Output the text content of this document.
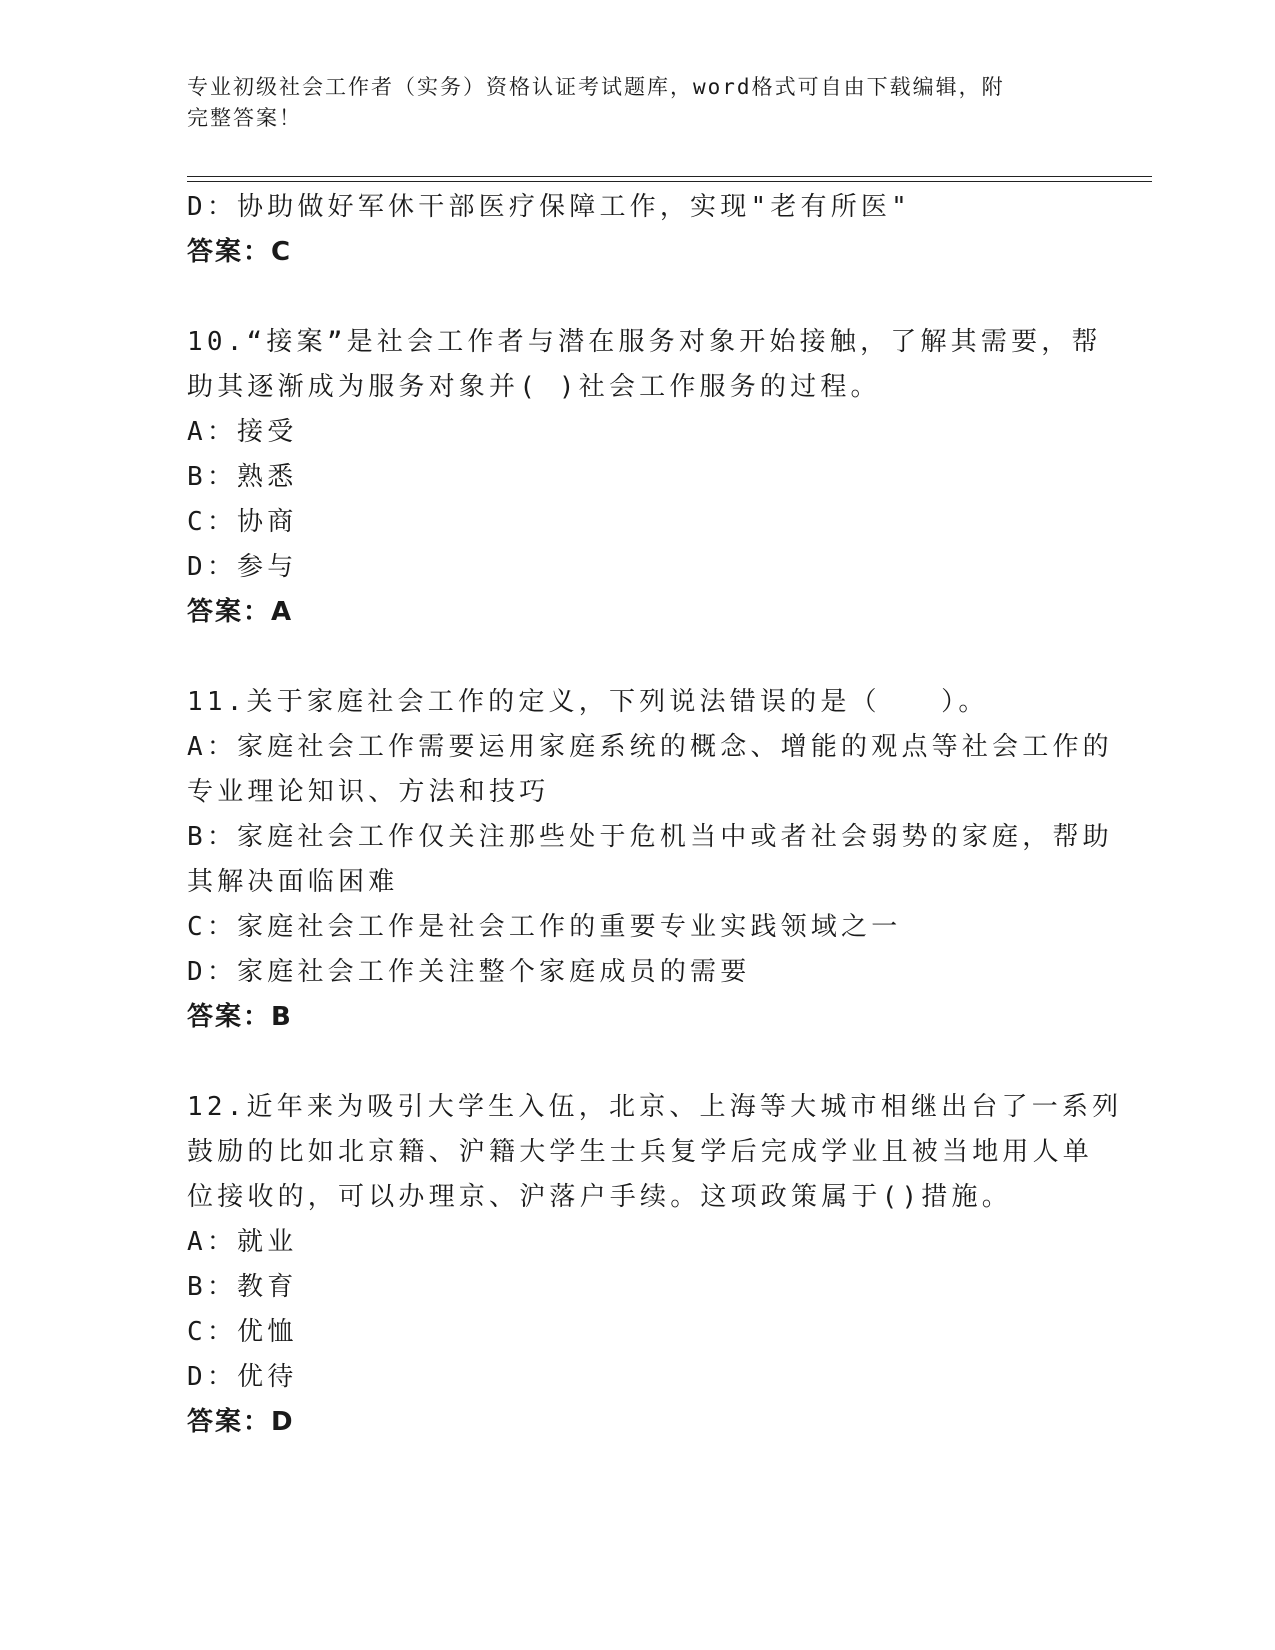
专业初级社会工作者（实务）资格认证考试题库，word格式可自由下载编辑，附
完整答案！
D：协助做好军休干部医疗保障工作，实现"老有所医"
答案：C
10.“接案”是社会工作者与潜在服务对象开始接触，了解其需要，帮
助其逐渐成为服务对象并( )社会工作服务的过程。
A：接受
B：熟悉
C：协商
D：参与
答案：A
11.关于家庭社会工作的定义，下列说法错误的是（　　）。
A：家庭社会工作需要运用家庭系统的概念、增能的观点等社会工作的
专业理论知识、方法和技巧
B：家庭社会工作仅关注那些处于危机当中或者社会弱势的家庭，帮助
其解决面临困难
C：家庭社会工作是社会工作的重要专业实践领域之一
D：家庭社会工作关注整个家庭成员的需要
答案：B
12.近年来为吸引大学生入伍，北京、上海等大城市相继出台了一系列
鼓励的比如北京籍、沪籍大学生士兵复学后完成学业且被当地用人单
位接收的，可以办理京、沪落户手续。这项政策属于()措施。
A：就业
B：教育
C：优恤
D：优待
答案：D
